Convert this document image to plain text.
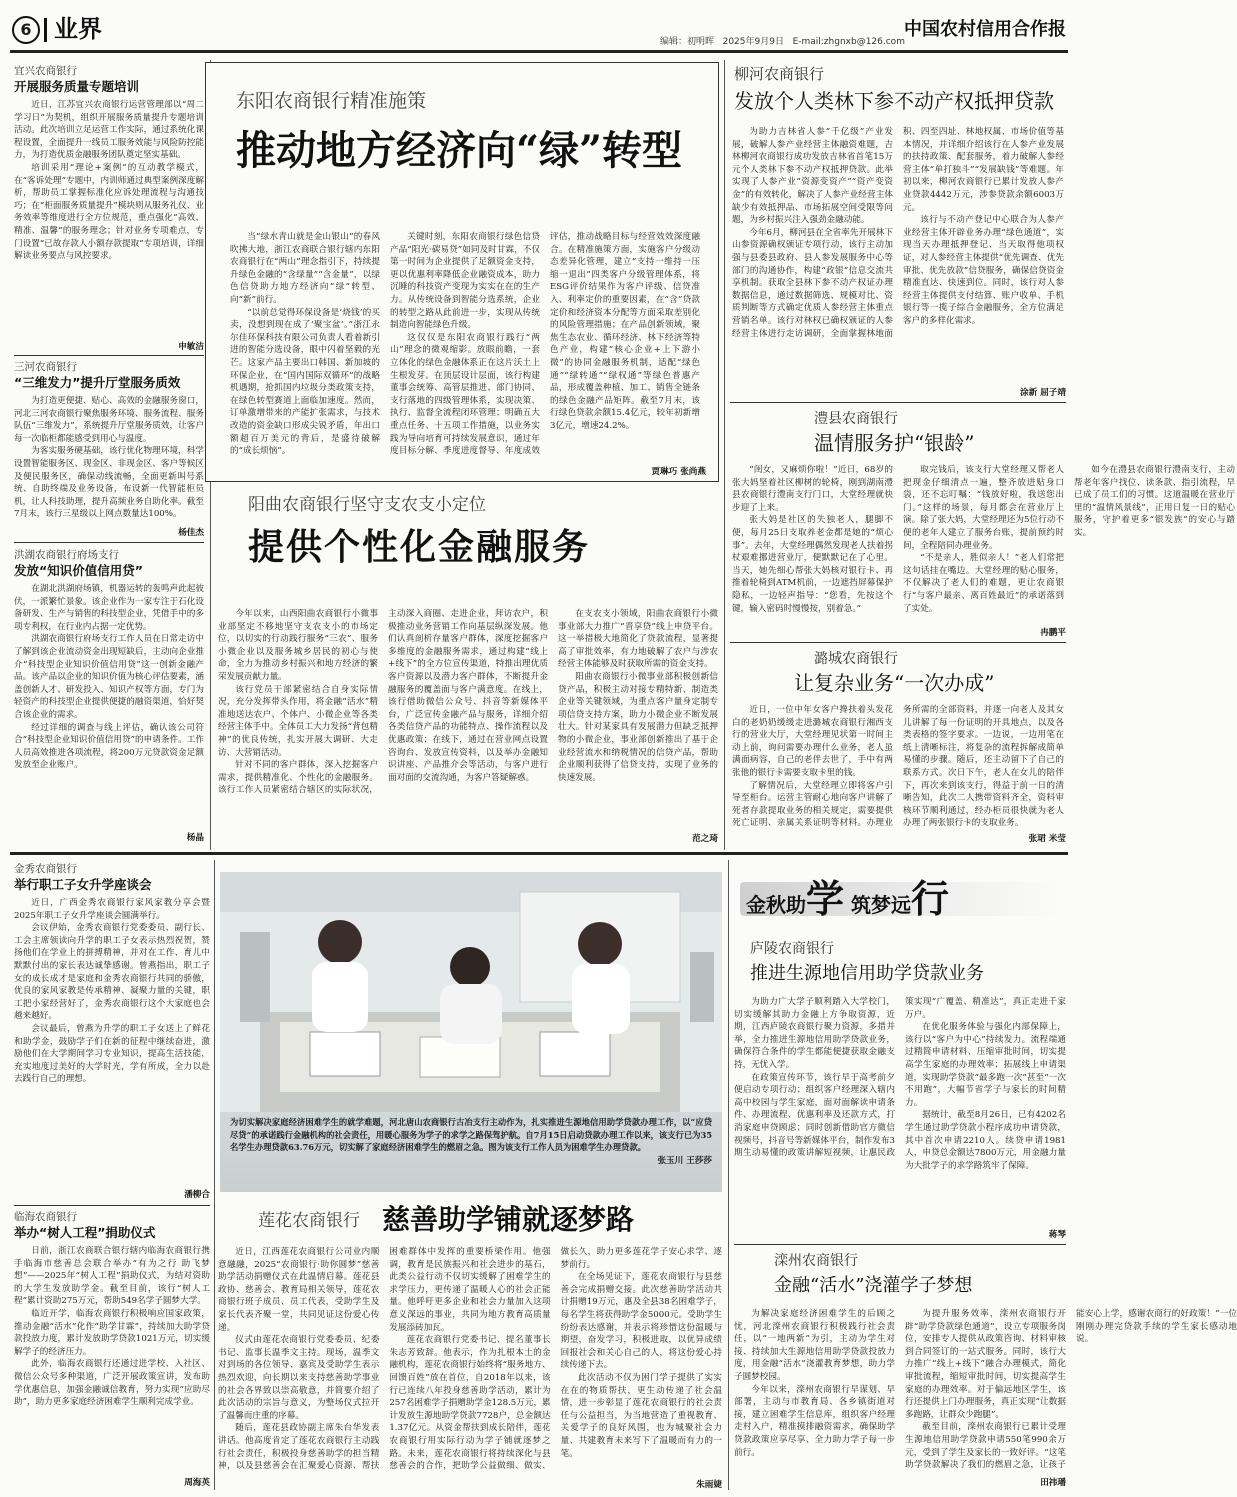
6 业界	编辑：初明晖 2025年9月9日 E-mail:zhgnxb@126.com
中国农村信用合作报
宜兴农商银行
开展服务质量专题培训

近日，江苏宜兴农商银行运营管理部以“周二学习日”为契机，组织开展服务质量提升专题培训活动。此次培训立足运营工作实际，通过系统化课程设置，全面提升一线员工服务效能与风险防控能力，为打造优质金融服务团队奠定坚实基础。

培训采用“理论+案例”的互动教学模式，在“客诉处理”专题中，内训师通过典型案例深度解析，帮助员工掌握标准化应诉处理流程与沟通技巧；在“柜面服务质量提升”模块则从服务礼仪、业务效率等维度进行全方位规范，重点强化“高效、精准、温馨”的服务理念；针对业务专项难点，专门设置“已故存款人小额存款提取”专项培训，详细解读业务要点与风控要求。

申敏洁
三河农商银行
“三维发力”提升厅堂服务质效

为打造更便捷、贴心、高效的金融服务窗口，河北三河农商银行聚焦服务环境、服务流程、服务队伍“三维发力”，系统提升厅堂服务质效，让客户每一次临柜都能感受到用心与温度。

为客实服务硬基础，该行优化物理环境，科学设置智能服务区、现金区、非现金区、客户等候区及便民服务区，确保动线流畅，全面更新叫号系统、自助终端及业务设备，布设新一代智能柜员机，让人科技助理，提升高频业务自助化率。截至7月末，该行三星级以上网点数量达100%。

杨佳杰
洪湖农商银行府场支行
发放“知识价值信用贷”

在湖北洪湖府场镇，机器运转的轰鸣声此起彼伏，一派繁忙景象。该企业作为一家专注于石化设备研发、生产与销售的科技型企业，凭借手中的多项专利权，在行业内占据一定优势。

洪湖农商银行府场支行工作人员在日常走访中了解到该企业流动资金出现短缺后，主动向企业推介“科技型企业知识价值信用贷”这一创新金融产品。该产品以企业的知识价值为核心评估要素，涵盖创新人才、研发投入、知识产权等方面，专门为轻资产的科技型企业提供便捷的融资渠道，恰好契合该企业的需求。

经过详细的调查与线上评估，确认该公司符合“科技型企业知识价值信用贷”的申请条件。工作人员高效推进各项流程，将200万元贷款资金足额发放至企业账户。

杨晶
东阳农商银行精准施策
推动地方经济向“绿”转型

当“绿水青山就是金山银山”的春风吹拂大地，浙江农商联合银行辖内东阳农商银行在“两山”理念指引下，持续提升绿色金融的“含绿量”“含金量”，以绿色信贷助力地方经济向“绿”转型、向“新”前行。

“以前总觉得环保设备是‘烧钱’的买卖，没想到现在成了‘聚宝盆’。”浙江永尔佳环保科技有限公司负责人看着新引进的智能分选设备，眼中闪着坚毅的光芒。这家产品主要出口韩国、新加坡的环保企业，在“国内国际双循环”的战略机遇期，抢抓国内垃圾分类政策支持，在绿色转型赛道上面临加速度。然而，订单激增带来的产能扩张需求，与技术改造的资金缺口形成尖锐矛盾，年出口额超百万美元的背后，是盛待破解的“成长烦恼”。

关键时刻，东阳农商银行绿色信贷产品“阳光·碳易贷”如同及时甘霖，不仅第一时间为企业提供了足额资金支持，更以优惠利率降低企业融资成本，助力沉睡的科技资产变现为实实在在的生产力。从传统设备到智能分选系统，企业的转型之路从此前进一步，实现从传统制造向智能绿色升级。

这仅仅是东阳农商银行践行“两山”理念的微观缩影。放眼前瞻，一套立体化的绿色金融体系正在这片沃土上生根发芽。在顶层设计层面，该行构建董事会统筹、高管层推进、部门协同、支行落地的四级管理体系，实现决策、执行、监督全流程闭环管理；明确五大重点任务、十五项工作措施，以业务实践为导向培育可持续发展意识，通过年度目标分解、季度进度督导、年度成效评估，推动战略目标与经营效效深度融合。在精准施策方面，实施客户分级动态差异化管理，建立“支持一维持一压缩一退出”四类客户分级管理体系，将ESG评价结果作为客户评级、信贷准入、利率定价的重要因素，在“含”贷款定价和经济资本分配等方面采取差别化的风险管理措施；在产品创新领域，聚焦生态农业、循环经济、林下经济等特色产业，构建“核心企业+上下游小微”的协同金融服务机制，适配“绿色通”“绿转通”“绿权通”等绿色普惠产品，形成覆盖种植、加工、销售全链条的绿色金融产品矩阵。截至7月末，该行绿色贷款余额15.4亿元，较年初新增3亿元，增速24.2%。

贾琳巧 张尚燕
阳曲农商银行坚守支农支小定位
提供个性化金融服务

今年以来，山西阳曲农商银行小微事业部坚定不移地坚守支农支小的市场定位，以切实的行动践行服务“三农”、服务小微企业以及服务城乡居民的初心与使命，全力为推动乡村振兴和地方经济的繁荣发展贡献力量。

该行党员干部紧密结合自身实际情况，充分发挥带头作用，将金融“活水”精准地送达农户、个体户、小微企业等各类经营主体手中。全体员工大力发扬“背包精神”的优良传统，扎实开展大调研、大走访、大营销活动。

针对不同的客户群体，深入挖掘客户需求，提供精准化、个性化的金融服务。该行工作人员紧密结合辖区的实际状况，主动深入商圈、走进企业，拜访农户，积极推动业务营销工作向基层纵深发展。他们认真剖析存量客户群体，深度挖掘客户多维度的金融服务需求，通过构建“线上+线下”的全方位宣传渠道，特推出理优质客户资源以及潜力客户群体，不断提升金融服务的覆盖面与客户满意度。在线上，该行借助微信公众号、抖音等新媒体平台，广泛宣传金融产品与服务，详细介绍各类信贷产品的功能特点、操作流程以及优惠政策；在线下，通过在营业网点设置咨询台、发放宣传资料，以及举办金融知识讲座、产品推介会等活动，与客户进行面对面的交流沟通，为客户答疑解惑。

在支农支小领域，阳曲农商银行小微事业部大力推广“晋享贷”线上申贷平台。这一举措极大地简化了贷款流程，显著提高了审批效率，有力地破解了农户与涉农经营主体能够及时获取所需的资金支持。

阳曲农商银行小微事业部积极创新信贷产品，积极主动对接专精特新、制造类企业等关键领域，为重点客户量身定制专项信贷支持方案，助力小微企业不断发展壮大。针对某家具有发展潜力但缺乏抵押物的小微企业，事业部创新推出了基于企业经营流水和纳税情况的信贷产品，帮助企业顺利获得了信贷支持，实现了业务的快速发展。

范之琦
柳河农商银行
发放个人类林下参不动产权抵押贷款

为助力吉林省人参“千亿级”产业发展，破解人参产业经营主体融资难题，吉林柳河农商银行成功发放吉林省首笔15万元个人类林下参不动产权抵押贷款。此举实现了人参产业“资源变资产”“资产变资金”的有效转化，解决了人参产业经营主体缺少有效抵押品、市场拓展空间受限等问题，为乡村振兴注入强劲金融动能。

今年6月，柳河县在全省率先开展林下山参资源确权颁证专项行动，该行主动加强与县委县政府、县人参发展服务中心等部门的沟通协作，构建“政银”信息交流共享机制。获取全县林下参不动产权证办理数据信息，通过数据筛选、规模对比、资质判断等方式确定优质人参经营主体重点营销名单。该行对林权已确权颁证的人参经营主体进行走访调研，全面掌握林地面积、四至四址、林地权属、市场价值等基本情况，并详细介绍该行在人参产业发展的扶持政策、配套服务，着力破解人参经营主体“单打独斗”“发展缺钱”等难题。年初以来，柳河农商银行已累计发放人参产业贷款4442万元，涉参贷款余额6003万元。

该行与不动产登记中心联合为人参产业经营主体开辟业务办理“绿色通道”，实现当天办理抵押登记、当天取得他项权证，对人参经营主体提供“优先调查、优先审批、优先放款”信贷服务，确保信贷资金精准直达、快速到位。同时，该行对人参经营主体提供支付结算、账户收单、手机银行等一揽子综合金融服务，全方位满足客户的多样化需求。

涂新 屈子靖
澧县农商银行
温情服务护“银龄”

“闺女，又麻烦你啦！”近日，68岁的张大妈坚着社区柳树的轮椅，刚到湖南澧县农商银行澧南支行门口，大堂经理就快步迎了上来。

张大妈是社区的失独老人，腿脚不便，每月25日支取养老金都是她的“烦心事”。去年，大堂经理偶然发现老人扶着拐杖艰难挪进营业厅，便默默记在了心里。当天，她先细心帮张大妈核对银行卡、再推着轮椅到ATM机前，一边遮挡屏幕保护隐私，一边轻声指导：“您看，先按这个键，输入密码时慢慢按，别着急。”

取完钱后，该支行大堂经理又帮老人把现金仔细清点一遍，整齐放进贴身口袋，还不忘叮嘱：“钱放好啦，我送您出门。”这样的场景，每月都会在营业厅上演。除了张大妈，大堂经理还为5位行动不便的老年人建立了服务台账，提前预约时间，全程陪同办理业务。

“不是亲人，胜似亲人！”老人们常把这句话挂在嘴边。大堂经理的贴心服务，不仅解决了老人们的难题，更让农商银行“与客户最亲、离百姓最近”的承诺落到了实处。

如今在澧县农商银行澧南支行，主动帮老年客户找位、读条款、指引流程，早已成了员工们的习惯。这道温暖在营业厅里的“温情风景线”，正用日复一日的贴心服务，守护着更多“银发族”的安心与踏实。

冉鹏平
潞城农商银行
让复杂业务“一次办成”

近日，一位中年女客户搀扶着头发花白的老奶奶缓缓走进潞城农商银行湘西支行的营业大厅，大堂经理见状第一时间主动上前，询问需要办理什么业务，老人虽满面病容，自己的老伴去世了，手中有两张他的银行卡需要支取卡里的钱。

了解情况后，大堂经理立即将客户引导至柜台。运营主管耐心地向客户讲解了死者存款提取业务的相关规定，需要提供死亡证明、亲属关系证明等材料。办理业务所需的全部资料，并逐一向老人及其女儿讲解了每一份证明的开具地点，以及各类表格的签字要求。一边说，一边用笔在纸上清晰标注，将复杂的流程拆解成简单易懂的步骤。随后，还主动留下了自己的联系方式。次日下午，老人在女儿的陪伴下，再次来到该支行，得益于前一日的清晰告知，此次二人携带资料齐全，资料审核环节顺利通过，经办柜员很快就为老人办理了两张银行卡的支取业务。

张珺 米莹
金秀农商银行
举行职工子女升学座谈会

近日，广西金秀农商银行家风家教分享会暨2025年职工子女升学座谈会圆满举行。

会议伊始，金秀农商银行党委委员、副行长、工会主席领读向升学的职工子女表示热烈祝贺，赞扬他们在学业上的拼搏精神，并对在工作、育儿中默默付出的家长表达诚挚感谢。曾燕指出，职工子女的成长成才是家庭和金秀农商银行共同的骄傲，优良的家风家教是传承精神、凝聚力量的关键，职工把小家经营好了，金秀农商银行这个大家庭也会越来越好。

会议最后，曾燕为升学的职工子女送上了鲜花和助学金，鼓励学子们在新的征程中继续奋进，激励他们在大学期间学习专业知识，提高生活技能，充实地度过美好的大学时光，学有所成，全力以赴去践行自己的理想。

潘柳合
临海农商银行
举办“树人工程”捐助仪式

日前，浙江农商联合银行辖内临海农商银行携手临海市慈善总会联合举办“有为之行 助飞梦想”——2025年“树人工程”捐助仪式，为结对资助的大学生发放助学金。截至目前，该行“树人工程”累计资助275万元，帮助549名学子圆梦大学。

临近开学，临海农商银行积极响应国家政策，推动金融“活水”化作“助学甘霖”，持续加大助学贷款投放力度，累计发放助学贷款1021万元，切实缓解学子的经济压力。

此外，临海农商银行还通过进学校、入社区、微信公众号多种渠道，广泛开展政策宣讲，发布助学优惠信息，加强金融诚信教育，努力实现“应助尽助”，助力更多家庭经济困难学生顺利完成学业。

周海英

为切实解决家庭经济困难学生的就学难题，河北唐山农商银行古冶支行主动作为，扎实推进生源地信用助学贷款办理工作，以“应贷尽贷”的承诺践行金融机构的社会责任，用暖心服务为学子的求学之路保驾护航。自7月15日启动贷款办理工作以来，该支行已为35名学生办理贷款63.76万元，切实解了家庭经济困难学生的燃眉之急。图为该支行工作人员为困难学生办理贷款。

张玉川 王莎莎
莲花农商银行 慈善助学铺就逐梦路

近日，江西莲花农商银行公司业内顺意融融，2025“农商银行·助你圆梦”慈善助学活动捐赠仪式在此温情启幕。莲花县政协、慈善会、教育局相关领导，莲花农商银行班子成员、员工代表，受助学生及家长代表齐聚一堂，共同见证这份爱心传递。

仪式由莲花农商银行党委委员、纪委书记、监事长温季文主持。现场，温季文对到场的各位领导、嘉宾及受助学生表示热烈欢迎，向长期以来支持慈善助学事业的社会各界致以崇高敬意，并简要介绍了此次活动的宗旨与意义，为整场仪式拉开了温馨而庄重的序幕。

随后，莲花县政协副主席朱台华发表讲话。他高度肯定了莲花农商银行主动践行社会责任，积极投身慈善助学的担当精神，以及县慈善会在汇聚爱心资源、帮扶困难群体中发挥的重要桥梁作用。他强调，教育是民族振兴和社会进步的基石，此类公益行动不仅切实缓解了困难学生的求学压力，更传递了温暖人心的社会正能量。他呼吁更多企业和社会力量加入这项意义深远的事业，共同为地方教育高质量发展添砖加瓦。

莲花农商银行党委书记、提名董事长朱志芳致辞。他表示，作为扎根本土的金融机构，莲花农商银行始终将“服务地方、回馈百姓”放在首位，自2018年以来，该行已连续八年投身慈善助学活动，累计为257名困难学子捐赠助学金128.5万元，累计发放生源地助学贷款7728户，总金额达1.37亿元。从资金帮扶到成长陪伴，莲花农商银行用实际行动为学子铺就逐梦之路。未来，莲花农商银行将持续深化与县慈善会的合作，把助学公益做细、做实、做长久，助力更多莲花学子安心求学、逐梦前行。

在全场见证下，莲花农商银行与县慈善会完成捐赠交接。此次慈善助学活动共计捐赠19万元，惠及全县38名困难学子，每名学生将获得助学金5000元。受助学生纷纷表达感谢，并表示将珍惜这份温暖与期望，奋发学习，积极进取，以优异成绩回报社会和关心自己的人，将这份爱心持续传递下去。

此次活动不仅为困门学子提供了实实在在的物质帮扶，更生动传递了社会温情，进一步彰显了莲花农商银行的社会责任与公益担当，为当地营造了重视教育、关爱学子的良好风围，也为城聚社会力量、共建教育未来写下了温暖而有力的一笔。

朱雨婕
金秋助学 筑梦远行
庐陵农商银行
推进生源地信用助学贷款业务

为助力广大学子顺利踏入大学校门，切实缓解其助力金融上方争取资源，近期，江西庐陵农商银行聚力资源，多措并举，全力推进生源地信用助学贷款业务，确保符合条件的学生都能便捷获取金融支持，无忧入学。

在政策宣传环节，该行早于高考前夕便启动专项行动；组织客户经理深入辖内高中校园与学生家庭，面对面解读申请条件、办理流程、优惠利率及还款方式，打消家庭申贷顾虑；同时创新借助官方微信视频号，抖音号等新媒体平台，制作发布3期生动易懂的政策讲解短视频，让惠民政策实现“广覆盖、精准达”，真正走进千家万户。

在优化服务体验与强化内部保障上，该行以“客户为中心”持续发力。流程端通过精简申请材料、压缩审批时间，切实提高学生家庭的办理效率；拓展线上申请渠道，实现助学贷款“最多跑一次”甚至“一次不用跑”，大幅节省学子与家长的时间精力。

据统计，截至8月26日，已有4202名学生通过助学贷款小程序成功申请贷款，其中首次申请2210人。续贷申请1981人，申贷总金额达7800万元，用金融力量为大批学子的求学路筑牢了保障。

蒋琴
滦州农商银行
金融“活水”浇灌学子梦想

为解决家庭经济困难学生的后顾之忧，河北滦州农商银行积极践行社会责任，以“一地两新”为引，主动为学生对接、持续加大生源地信用助学贷款投放力度，用金融“活水”浇灌教育梦想，助力学子圆梦校园。

今年以来，滦州农商银行早谋划、早部署，主动与市教育局、各乡镇街道对接，建立困难学生信息库，组织客户经理走村入户，精准摸排融资需求，确保助学贷款政策应享尽享、全力助力学子每一步前行。

为提升服务效率，滦州农商银行开辟“助学贷款绿色通道”，设立专项服务岗位，安排专人提供从政策咨询、材料审核到合同签订的一站式服务。同时，该行大力推广“线上+线下”融合办理模式，简化审批流程，缩短审批时间，切实提高学生家庭的办理效率。对于偏远地区学生，该行还提供上门办理服务，真正实现“让数据多跑路，让群众少跑腿”。

截至目前，滦州农商银行已累计受理生源地信用助学贷款申请550笔990余万元，受到了学生及家长的一致好评。“这笔助学贷款解决了我们的燃眉之急，让孩子能安心上学，感谢农商行的好政策！”一位刚刚办理完贷款手续的学生家长感动地说。

田祎璠
